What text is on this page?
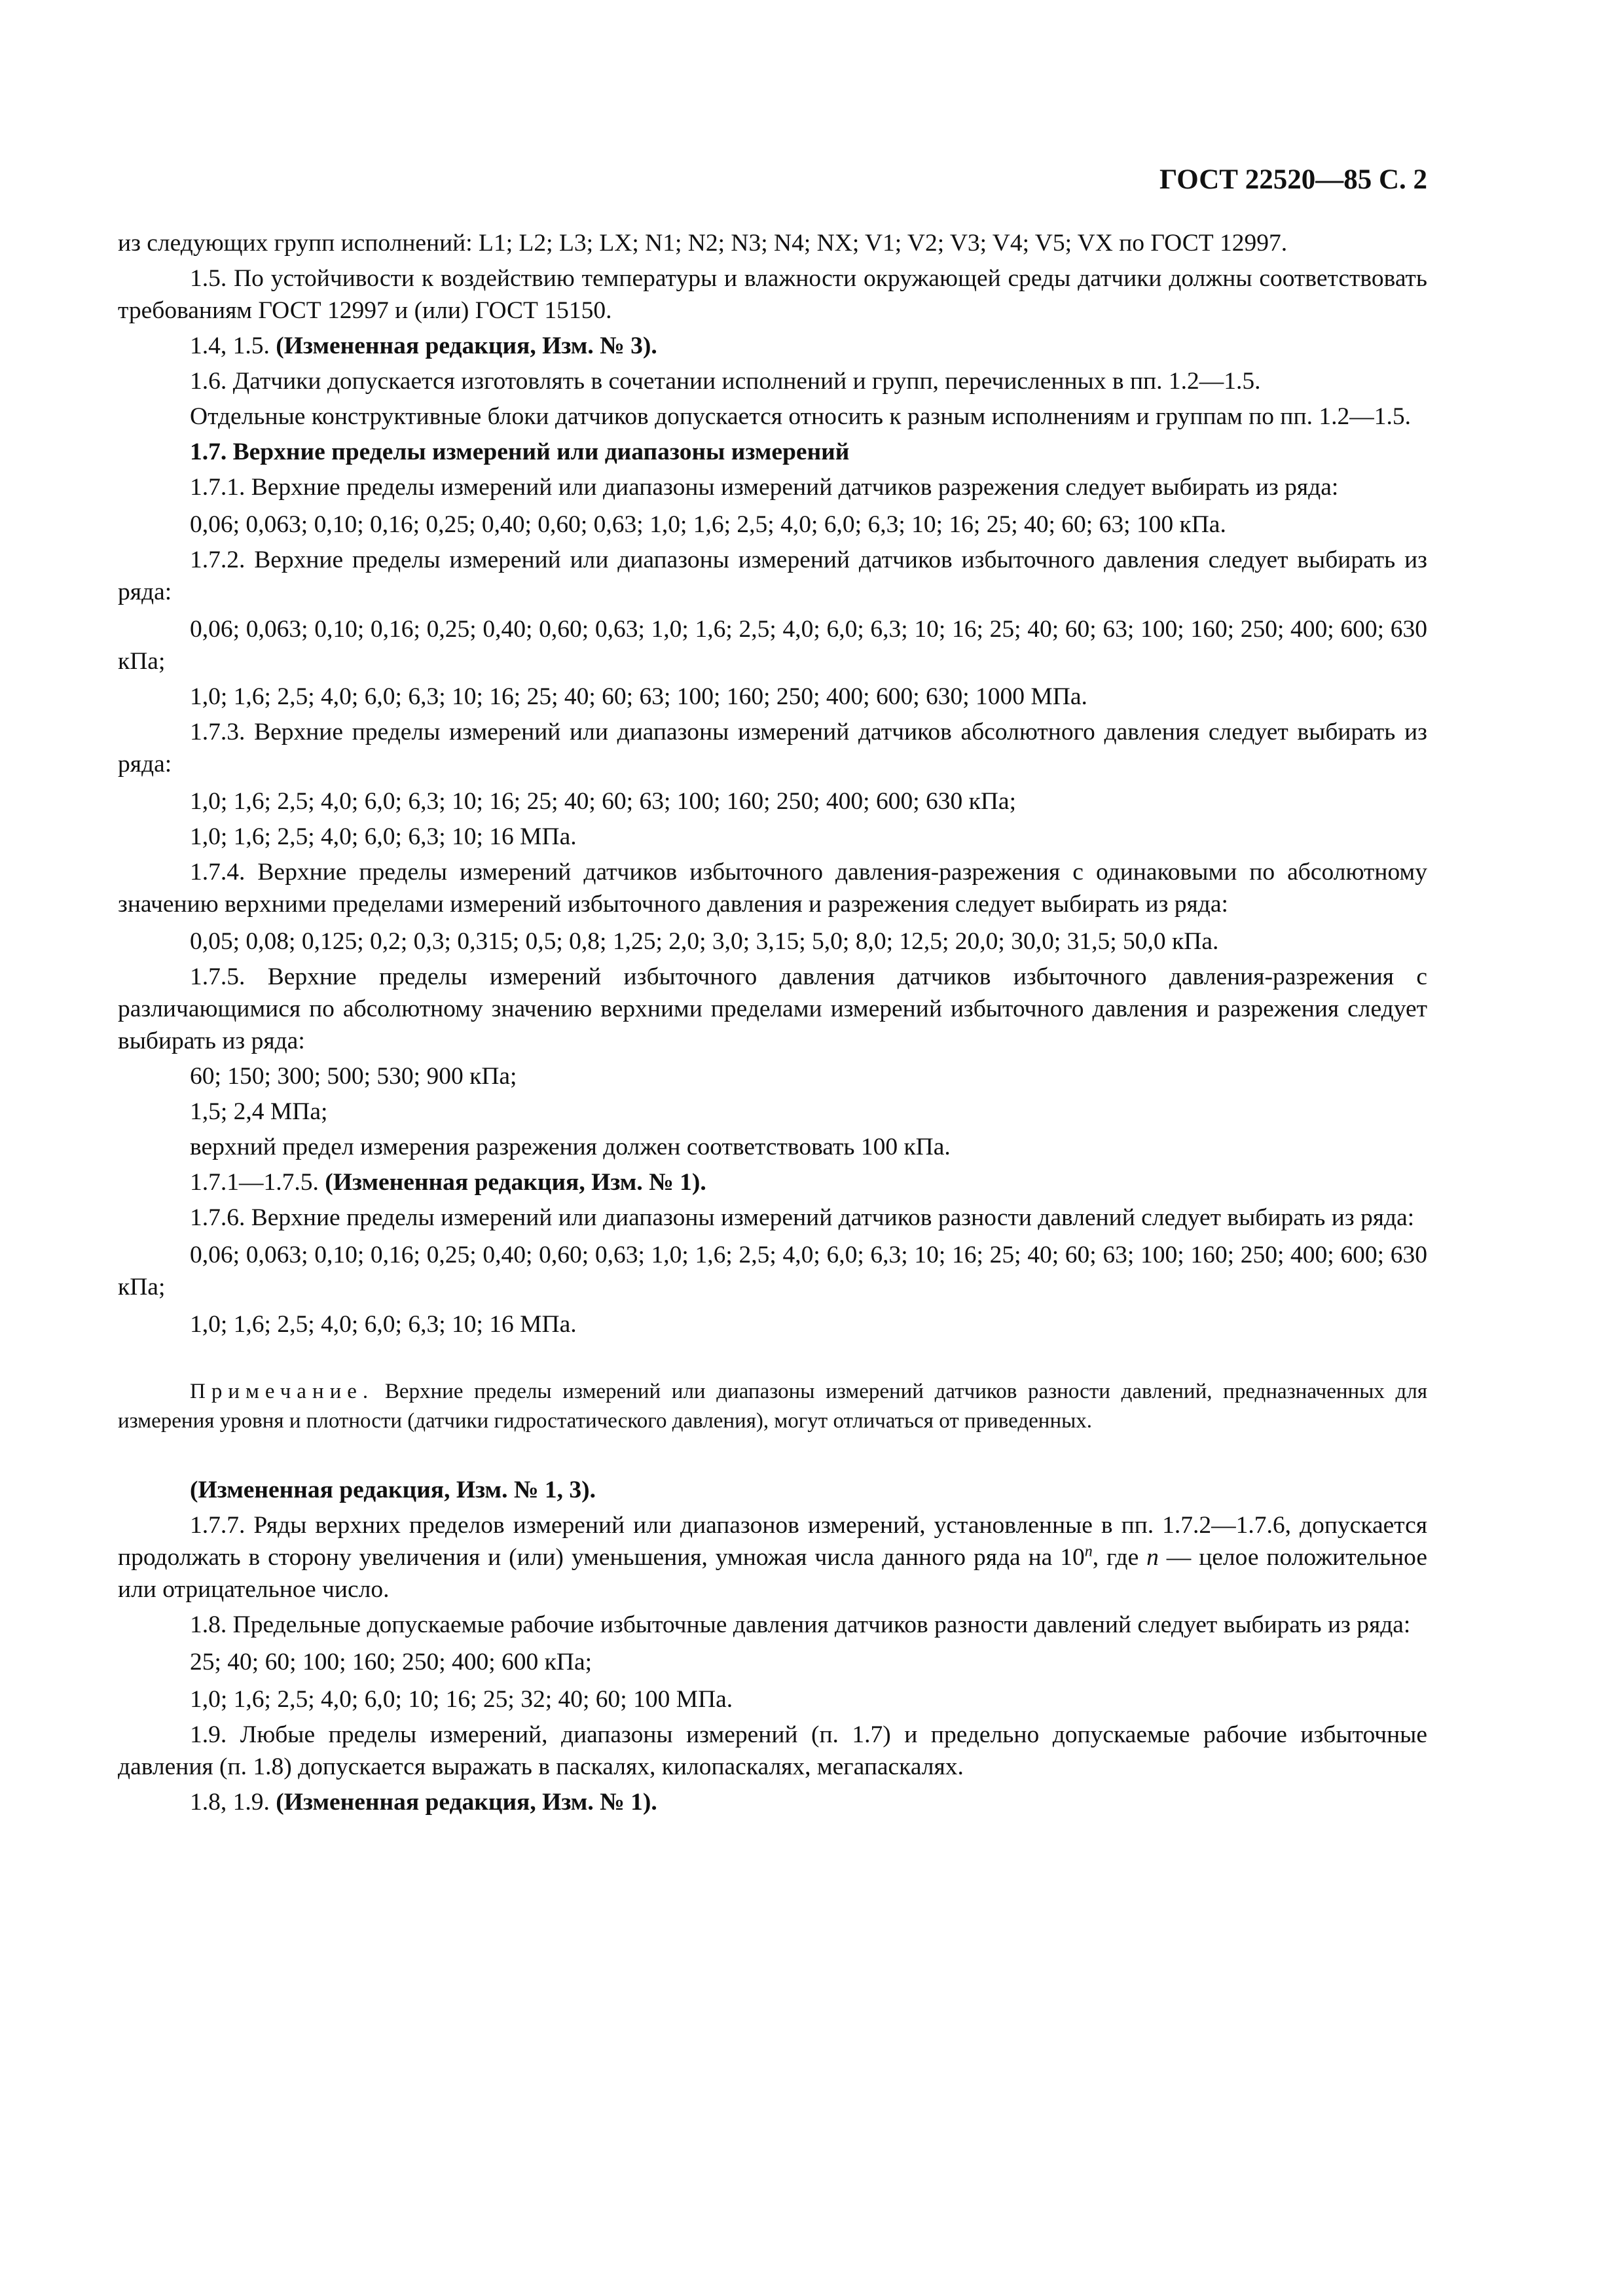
ГОСТ 22520—85 С. 2

из следующих групп исполнений: L1; L2; L3; LX; N1; N2; N3; N4; NX; V1; V2; V3; V4; V5; VX по ГОСТ 12997.

1.5. По устойчивости к воздействию температуры и влажности окружающей среды датчики должны соответствовать требованиям ГОСТ 12997 и (или) ГОСТ 15150.

1.4, 1.5. (Измененная редакция, Изм. № 3).

1.6. Датчики допускается изготовлять в сочетании исполнений и групп, перечисленных в пп. 1.2—1.5.

Отдельные конструктивные блоки датчиков допускается относить к разным исполнениям и группам по пп. 1.2—1.5.

1.7. Верхние пределы измерений или диапазоны измерений

1.7.1. Верхние пределы измерений или диапазоны измерений датчиков разрежения следует выбирать из ряда:

0,06; 0,063; 0,10; 0,16; 0,25; 0,40; 0,60; 0,63; 1,0; 1,6; 2,5; 4,0; 6,0; 6,3; 10; 16; 25; 40; 60; 63; 100 кПа.

1.7.2. Верхние пределы измерений или диапазоны измерений датчиков избыточного давления следует выбирать из ряда:

0,06; 0,063; 0,10; 0,16; 0,25; 0,40; 0,60; 0,63; 1,0; 1,6; 2,5; 4,0; 6,0; 6,3; 10; 16; 25; 40; 60; 63; 100; 160; 250; 400; 600; 630 кПа;

1,0; 1,6; 2,5; 4,0; 6,0; 6,3; 10; 16; 25; 40; 60; 63; 100; 160; 250; 400; 600; 630; 1000 МПа.

1.7.3. Верхние пределы измерений или диапазоны измерений датчиков абсолютного давления следует выбирать из ряда:

1,0; 1,6; 2,5; 4,0; 6,0; 6,3; 10; 16; 25; 40; 60; 63; 100; 160; 250; 400; 600; 630 кПа;

1,0; 1,6; 2,5; 4,0; 6,0; 6,3; 10; 16 МПа.

1.7.4. Верхние пределы измерений датчиков избыточного давления-разрежения с одинаковыми по абсолютному значению верхними пределами измерений избыточного давления и разрежения следует выбирать из ряда:

0,05; 0,08; 0,125; 0,2; 0,3; 0,315; 0,5; 0,8; 1,25; 2,0; 3,0; 3,15; 5,0; 8,0; 12,5; 20,0; 30,0; 31,5; 50,0 кПа.

1.7.5. Верхние пределы измерений избыточного давления датчиков избыточного давления-разрежения с различающимися по абсолютному значению верхними пределами измерений избыточного давления и разрежения следует выбирать из ряда:

60; 150; 300; 500; 530; 900 кПа;

1,5; 2,4 МПа;

верхний предел измерения разрежения должен соответствовать 100 кПа.

1.7.1—1.7.5. (Измененная редакция, Изм. № 1).

1.7.6. Верхние пределы измерений или диапазоны измерений датчиков разности давлений следует выбирать из ряда:

0,06; 0,063; 0,10; 0,16; 0,25; 0,40; 0,60; 0,63; 1,0; 1,6; 2,5; 4,0; 6,0; 6,3; 10; 16; 25; 40; 60; 63; 100; 160; 250; 400; 600; 630 кПа;

1,0; 1,6; 2,5; 4,0; 6,0; 6,3; 10; 16 МПа.

Примечание. Верхние пределы измерений или диапазоны измерений датчиков разности давлений, предназначенных для измерения уровня и плотности (датчики гидростатического давления), могут отличаться от приведенных.

(Измененная редакция, Изм. № 1, 3).

1.7.7. Ряды верхних пределов измерений или диапазонов измерений, установленные в пп. 1.7.2—1.7.6, допускается продолжать в сторону увеличения и (или) уменьшения, умножая числа данного ряда на 10$^n$, где n — целое положительное или отрицательное число.

1.8. Предельные допускаемые рабочие избыточные давления датчиков разности давлений следует выбирать из ряда:

25; 40; 60; 100; 160; 250; 400; 600 кПа;

1,0; 1,6; 2,5; 4,0; 6,0; 10; 16; 25; 32; 40; 60; 100 МПа.

1.9. Любые пределы измерений, диапазоны измерений (п. 1.7) и предельно допускаемые рабочие избыточные давления (п. 1.8) допускается выражать в паскалях, килопаскалях, мегапаскалях.

1.8, 1.9. (Измененная редакция, Изм. № 1).
